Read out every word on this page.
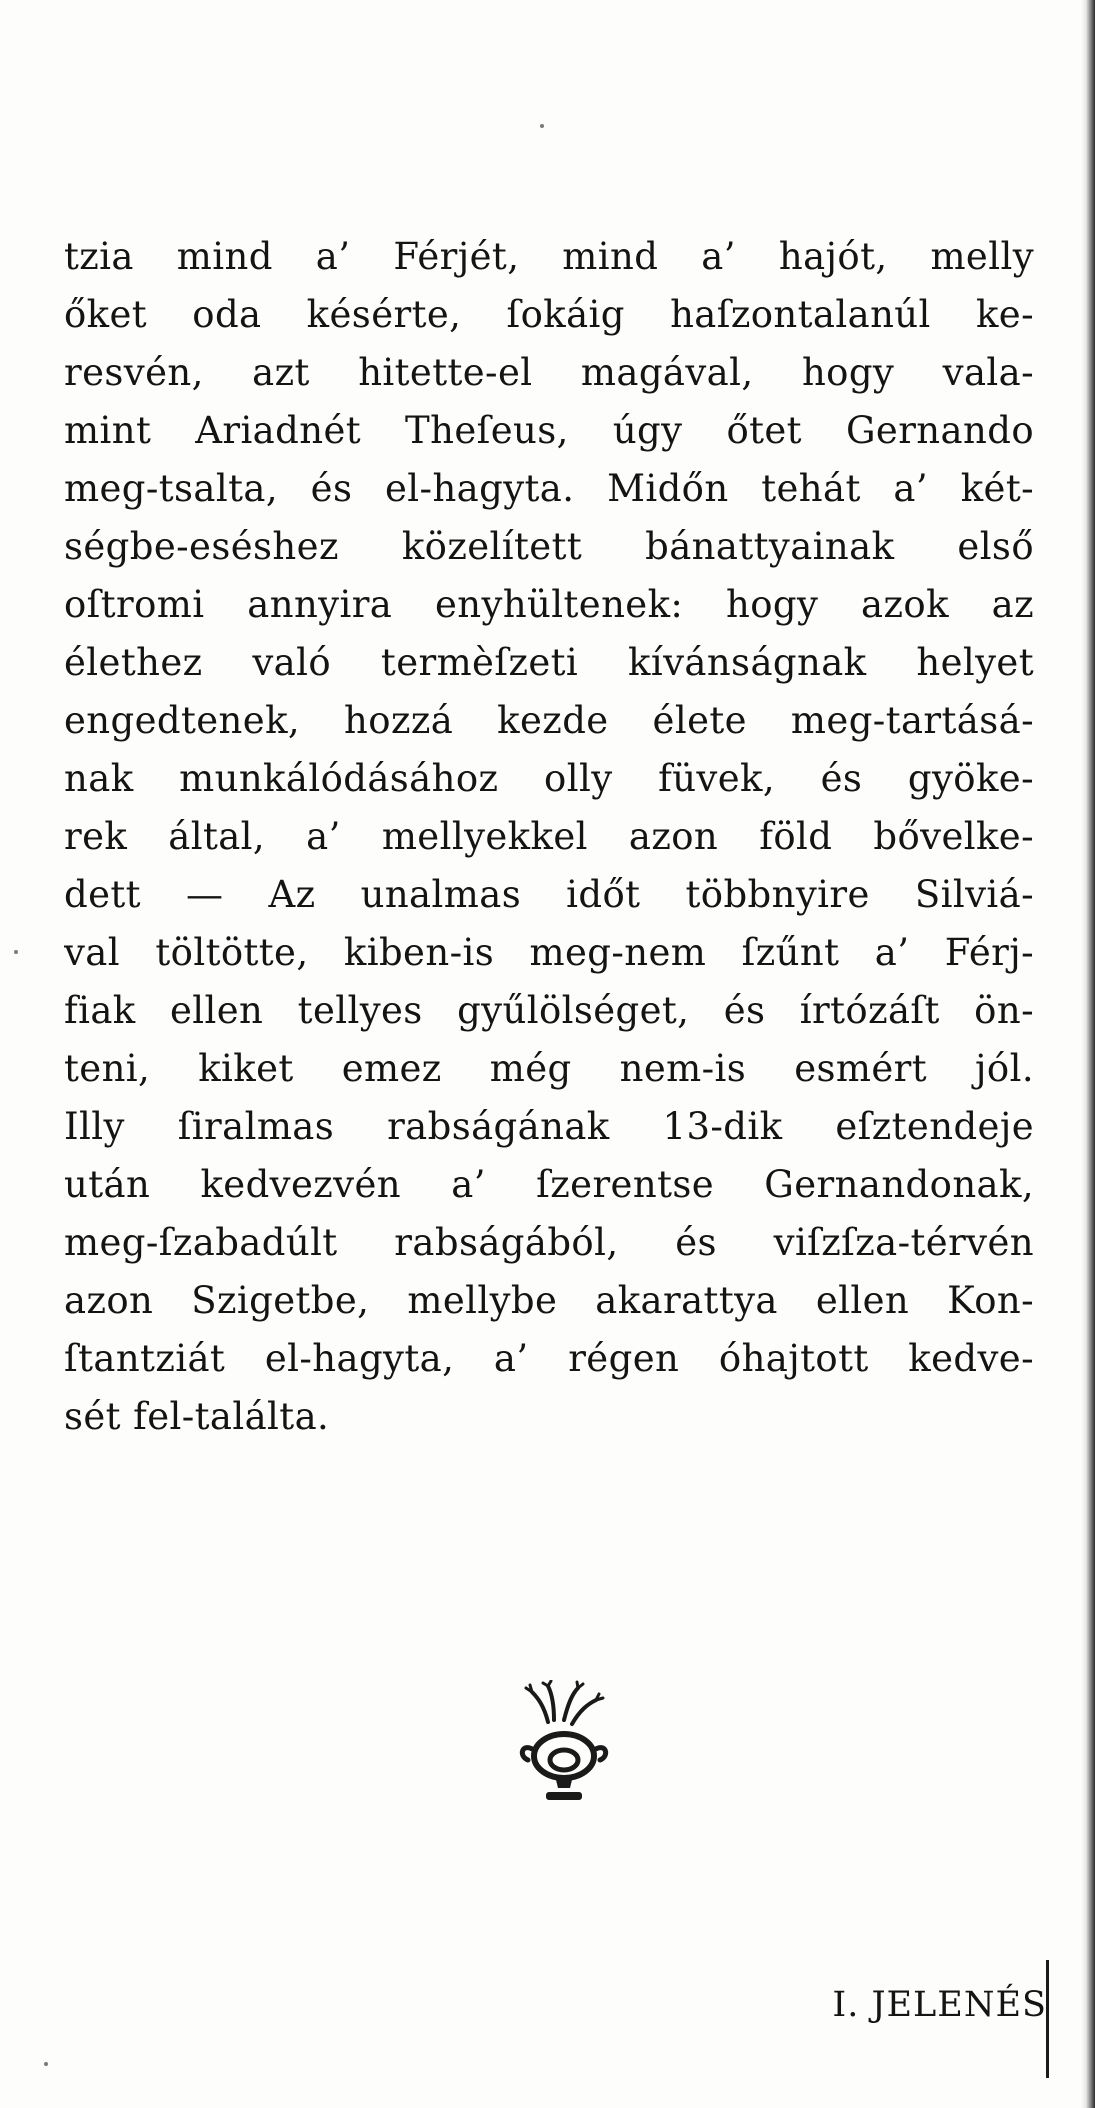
tzia mind a’ Férjét, mind a’ hajót, melly
őket oda késérte, ſokáig haſzontalanúl ke-
resvén, azt hitette-el magával, hogy vala-
mint Ariadnét Theſeus, úgy őtet Gernando
meg-tsalta, és el-hagyta. Midőn tehát a’ két-
ségbe-eséshez közelített bánattyainak első
oſtromi annyira enyhültenek: hogy azok az
élethez való termèſzeti kívánságnak helyet
engedtenek, hozzá kezde élete meg-tartásá-
nak munkálódásához olly füvek, és gyöke-
rek által, a’ mellyekkel azon föld bővelke-
dett — Az unalmas időt többnyire Silviá-
val töltötte, kiben-is meg-nem ſzűnt a’ Férj-
fiak ellen tellyes gyűlölséget, és írtózáſt ön-
teni, kiket emez még nem-is esmért jól.
Illy ſiralmas rabságának 13-dik eſztendeje
után kedvezvén a’ ſzerentse Gernandonak,
meg-ſzabadúlt rabságából, és viſzſza-térvén
azon Szigetbe, mellybe akarattya ellen Kon-
ſtantziát el-hagyta, a’ régen óhajtott kedve-
sét fel-találta.
I. JELENÉS
